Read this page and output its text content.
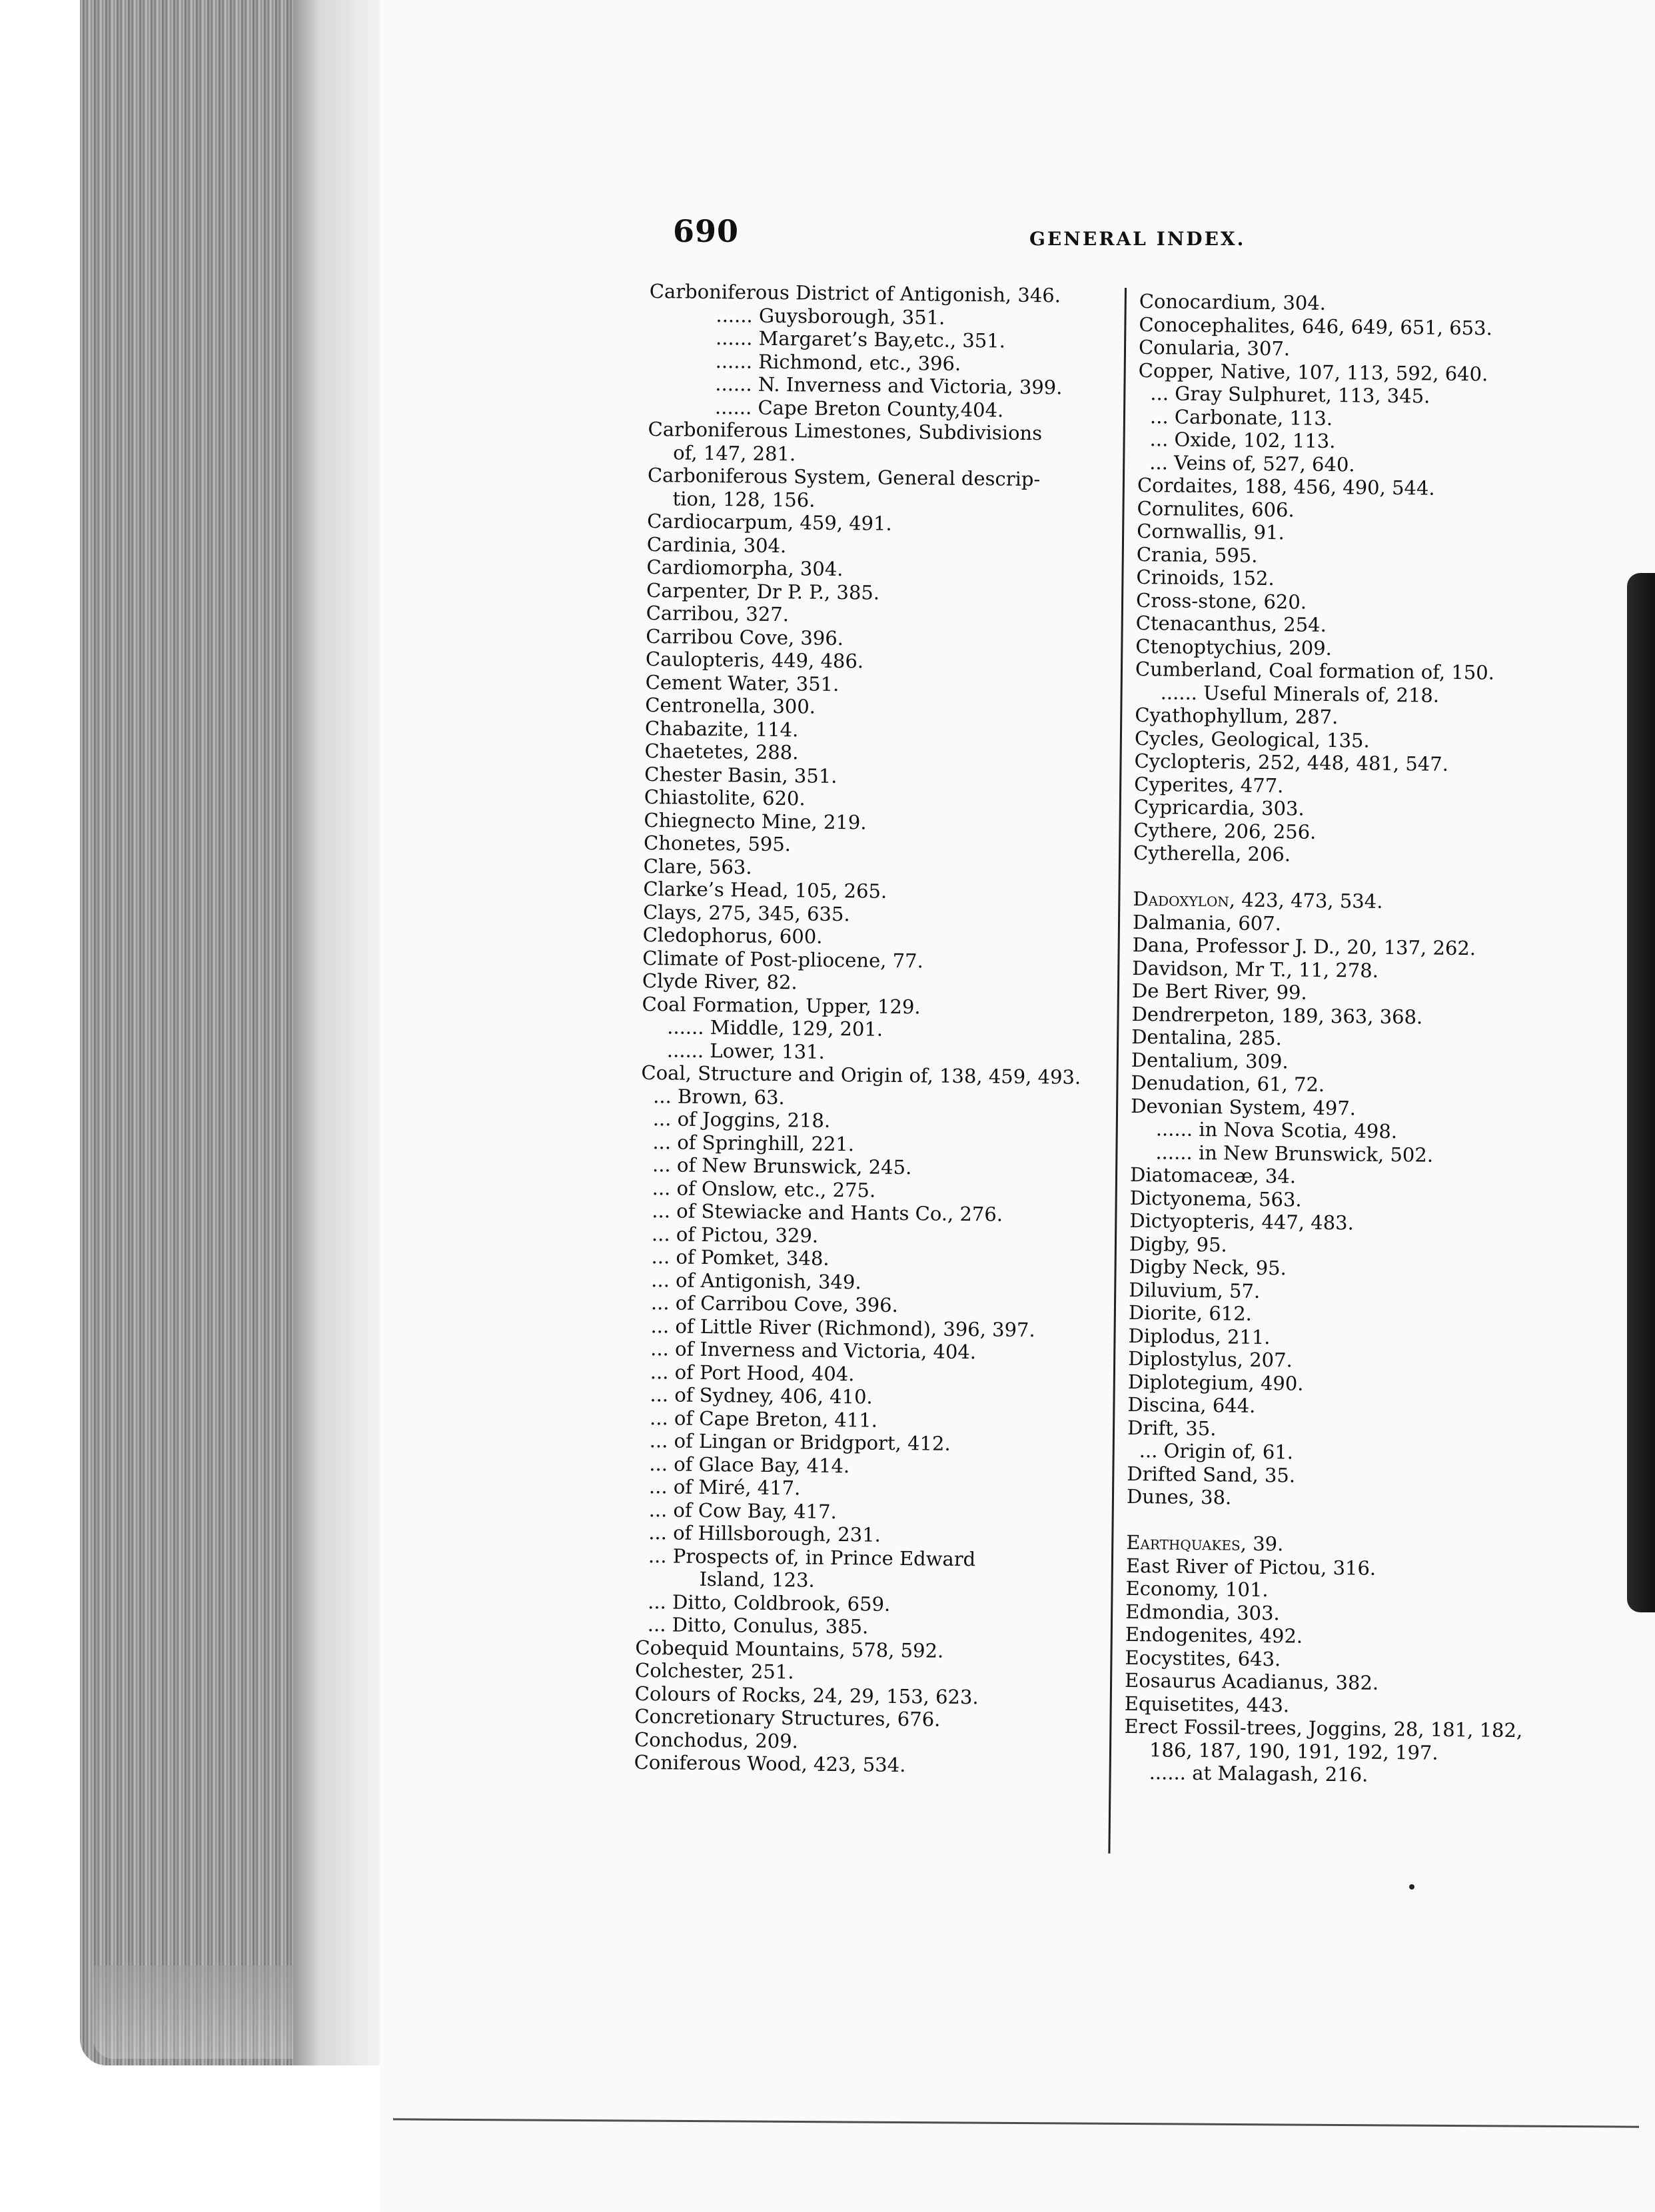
690	GENERAL INDEX.
Carboniferous District of Antigonish, 346.
...... Guysborough, 351.
...... Margaret’s Bay,etc., 351.
...... Richmond, etc., 396.
...... N. Inverness and Victoria, 399.
...... Cape Breton County,404.
Carboniferous Limestones, Subdivisions
of, 147, 281.
Carboniferous System, General descrip-
tion, 128, 156.
Cardiocarpum, 459, 491.
Cardinia, 304.
Cardiomorpha, 304.
Carpenter, Dr P. P., 385.
Carribou, 327.
Carribou Cove, 396.
Caulopteris, 449, 486.
Cement Water, 351.
Centronella, 300.
Chabazite, 114.
Chaetetes, 288.
Chester Basin, 351.
Chiastolite, 620.
Chiegnecto Mine, 219.
Chonetes, 595.
Clare, 563.
Clarke’s Head, 105, 265.
Clays, 275, 345, 635.
Cledophorus, 600.
Climate of Post-pliocene, 77.
Clyde River, 82.
Coal Formation, Upper, 129.
...... Middle, 129, 201.
...... Lower, 131.
Coal, Structure and Origin of, 138, 459, 493.
... Brown, 63.
... of Joggins, 218.
... of Springhill, 221.
... of New Brunswick, 245.
... of Onslow, etc., 275.
... of Stewiacke and Hants Co., 276.
... of Pictou, 329.
... of Pomket, 348.
... of Antigonish, 349.
... of Carribou Cove, 396.
... of Little River (Richmond), 396, 397.
... of Inverness and Victoria, 404.
... of Port Hood, 404.
... of Sydney, 406, 410.
... of Cape Breton, 411.
... of Lingan or Bridgport, 412.
... of Glace Bay, 414.
... of Miré, 417.
... of Cow Bay, 417.
... of Hillsborough, 231.
... Prospects of, in Prince Edward
Island, 123.
... Ditto, Coldbrook, 659.
... Ditto, Conulus, 385.
Cobequid Mountains, 578, 592.
Colchester, 251.
Colours of Rocks, 24, 29, 153, 623.
Concretionary Structures, 676.
Conchodus, 209.
Coniferous Wood, 423, 534.
Conocardium, 304.
Conocephalites, 646, 649, 651, 653.
Conularia, 307.
Copper, Native, 107, 113, 592, 640.
... Gray Sulphuret, 113, 345.
... Carbonate, 113.
... Oxide, 102, 113.
... Veins of, 527, 640.
Cordaites, 188, 456, 490, 544.
Cornulites, 606.
Cornwallis, 91.
Crania, 595.
Crinoids, 152.
Cross-stone, 620.
Ctenacanthus, 254.
Ctenoptychius, 209.
Cumberland, Coal formation of, 150.
...... Useful Minerals of, 218.
Cyathophyllum, 287.
Cycles, Geological, 135.
Cyclopteris, 252, 448, 481, 547.
Cyperites, 477.
Cypricardia, 303.
Cythere, 206, 256.
Cytherella, 206.
Dadoxylon, 423, 473, 534.
Dalmania, 607.
Dana, Professor J. D., 20, 137, 262.
Davidson, Mr T., 11, 278.
De Bert River, 99.
Dendrerpeton, 189, 363, 368.
Dentalina, 285.
Dentalium, 309.
Denudation, 61, 72.
Devonian System, 497.
...... in Nova Scotia, 498.
...... in New Brunswick, 502.
Diatomaceæ, 34.
Dictyonema, 563.
Dictyopteris, 447, 483.
Digby, 95.
Digby Neck, 95.
Diluvium, 57.
Diorite, 612.
Diplodus, 211.
Diplostylus, 207.
Diplotegium, 490.
Discina, 644.
Drift, 35.
... Origin of, 61.
Drifted Sand, 35.
Dunes, 38.
Earthquakes, 39.
East River of Pictou, 316.
Economy, 101.
Edmondia, 303.
Endogenites, 492.
Eocystites, 643.
Eosaurus Acadianus, 382.
Equisetites, 443.
Erect Fossil-trees, Joggins, 28, 181, 182,
186, 187, 190, 191, 192, 197.
...... at Malagash, 216.
